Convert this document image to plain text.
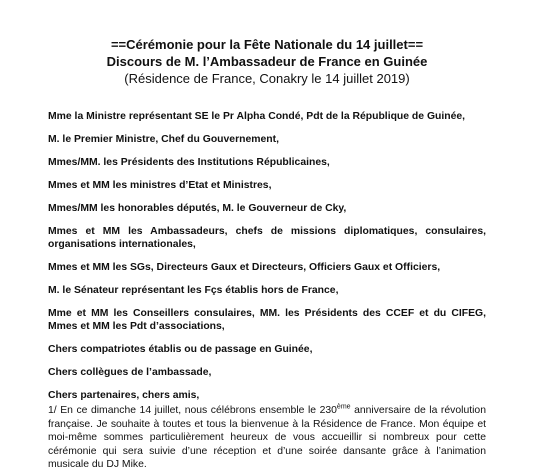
==Cérémonie pour la Fête Nationale du 14 juillet==
Discours de M. l’Ambassadeur de France en Guinée
(Résidence de France, Conakry le 14 juillet 2019)

Mme la Ministre représentant SE le Pr Alpha Condé, Pdt de la République de Guinée,

M. le Premier Ministre, Chef du Gouvernement,

Mmes/MM. les Présidents des Institutions Républicaines,

Mmes et MM les ministres d’Etat et Ministres,

Mmes/MM les honorables députés, M. le Gouverneur de Cky,

Mmes et MM les Ambassadeurs, chefs de missions diplomatiques, consulaires, organisations internationales,

Mmes et MM les SGs, Directeurs Gaux et Directeurs, Officiers Gaux et Officiers,

M. le Sénateur représentant les Fçs établis hors de France,

Mme et MM les Conseillers consulaires, MM. les Présidents des CCEF et du CIFEG, Mmes et MM les Pdt d’associations,

Chers compatriotes établis ou de passage en Guinée,

Chers collègues de l’ambassade,

Chers partenaires, chers amis,

1/ En ce dimanche 14 juillet, nous célébrons ensemble le 230ème anniversaire de la révolution française. Je souhaite à toutes et tous la bienvenue à la Résidence de France. Mon équipe et moi-même sommes particulièrement heureux de vous accueillir si nombreux pour cette cérémonie qui sera suivie d’une réception et d’une soirée dansante grâce à l’animation musicale du DJ Mike.
